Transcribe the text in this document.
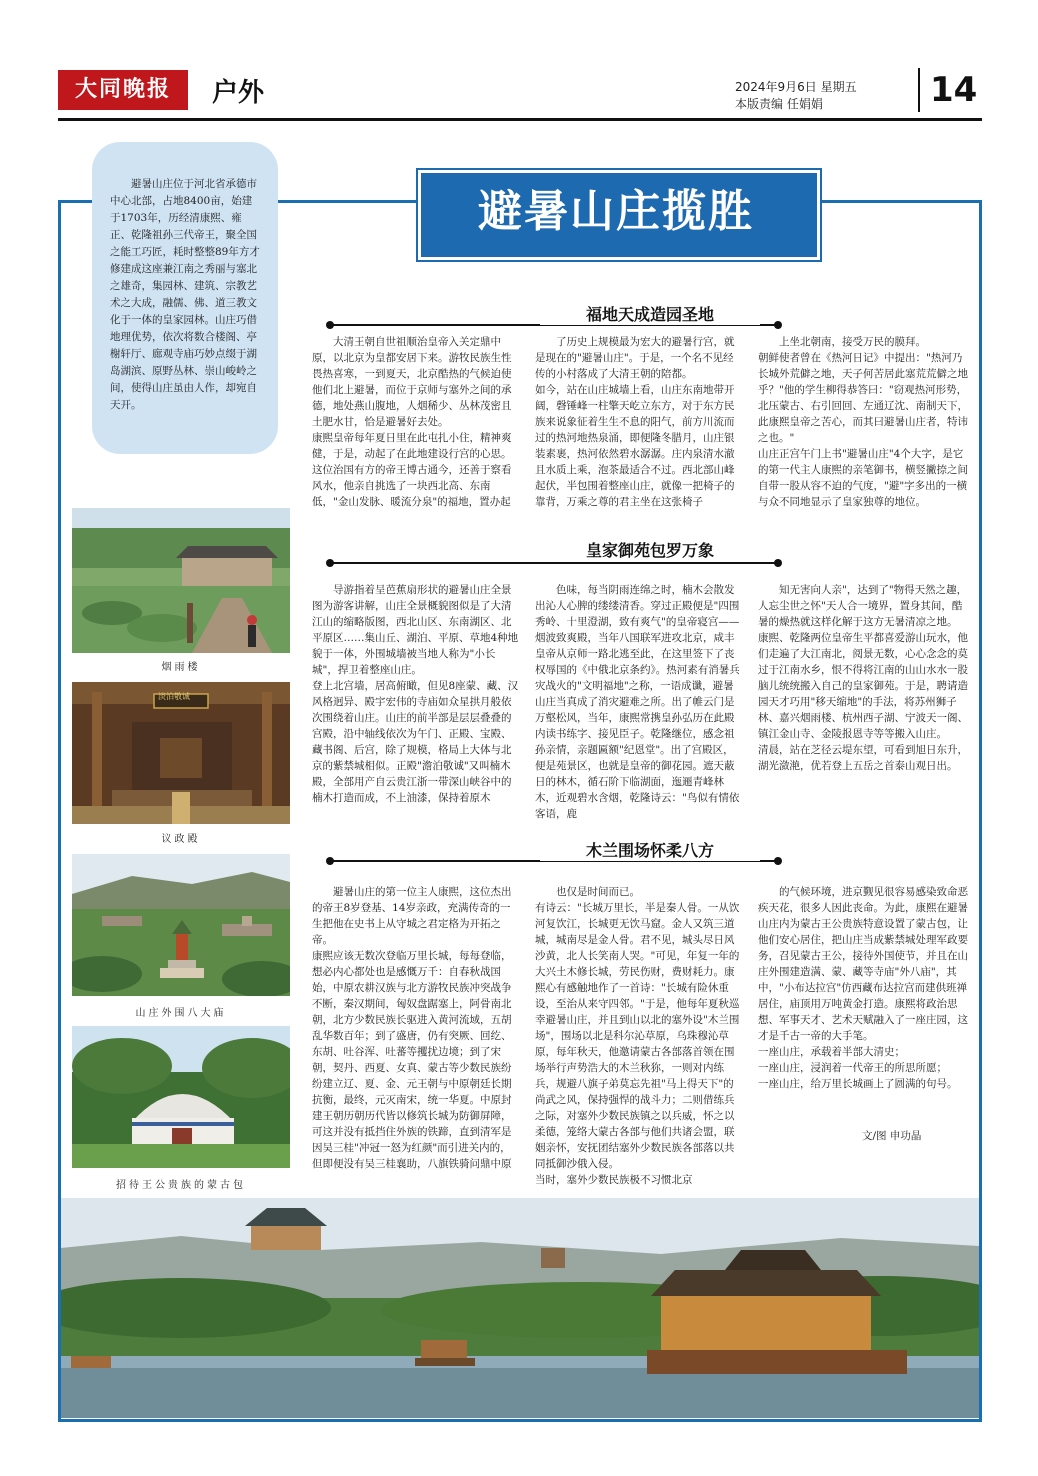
大同晚报	户外	2024年9月6日 星期五
本版责编 任娟娟	14
避暑山庄位于河北省承德市中心北部，占地8400亩，始建于1703年，历经清康熙、雍正、乾隆祖孙三代帝王，聚全国之能工巧匠，耗时整整89年方才修建成这座兼江南之秀丽与塞北之雄奇，集园林、建筑、宗教艺术之大成，融儒、佛、道三教文化于一体的皇家园林。山庄巧借地理优势，依次将数合楼阁、亭榭轩厅、廊观寺庙巧妙点缀于湖岛湖滨、原野丛林、崇山峻岭之间，使得山庄虽由人作，却宛自天开。
避暑山庄揽胜
福地天成造园圣地

大清王朝自世祖顺治皇帝入关定鼎中原，以北京为皇都安居下来。游牧民族生性畏热喜寒，一到夏天，北京酷热的气候迫使他们北上避暑，而位于京师与塞外之间的承德，地处燕山腹地，人烟稀少、丛林茂密且土肥水甘，恰是避暑好去处。
康熙皇帝每年夏日里在此屯扎小住，精神爽健，于是，动起了在此地建设行宫的心思。这位治国有方的帝王博古通今，还善于察看风水，他亲自挑选了一块西北高、东南低，"金山发脉、暖流分泉"的福地，置办起

了历史上规模最为宏大的避暑行宫，就是现在的"避暑山庄"。于是，一个名不见经传的小村落成了大清王朝的陪都。
如今，站在山庄城墙上看，山庄东南地带开阔，磬锤峰一柱擎天屹立东方，对于东方民族来说象征着生生不息的阳气，前方川流而过的热河地热泉涌，即便隆冬腊月，山庄银装素裹，热河依然碧水潺潺。庄内泉清水澈且水质上乘，泡茶最适合不过。西北部山峰起伏，半包围着整座山庄，就像一把椅子的靠背，万乘之尊的君主坐在这张椅子

上坐北朝南，接受万民的膜拜。
朝鲜使者曾在《热河日记》中提出："热河乃长城外荒僻之地，天子何苦居此塞荒荒僻之地乎？"他的学生柳得恭答曰："窃观热河形势，北压蒙古、右引回回、左通辽沈、南制天下，此康熙皇帝之苦心，而其曰避暑山庄者，特讳之也。"
山庄正宫午门上书"避暑山庄"4个大字，是它的第一代主人康熙的亲笔御书，横竖撇捺之间自带一股从容不迫的气度，"避"字多出的一横与众不同地显示了皇家独尊的地位。

皇家御苑包罗万象

导游指着呈芭蕉扇形状的避暑山庄全景图为游客讲解，山庄全景概貌图似是了大清江山的缩略版图，西北山区、东南湖区、北平原区……集山丘、湖泊、平原、草地4种地貌于一体，外围城墙被当地人称为"小长城"，捍卫着整座山庄。
登上北宫墙，居高俯瞰，但见8座蒙、藏、汉风格迥异、殿宇宏伟的寺庙如众星拱月般依次围绕着山庄。山庄的前半部是层层叠叠的宫殿，沿中轴线依次为午门、正殿、宝殿、藏书阁、后宫，除了规模，格局上大体与北京的紫禁城相似。正殿"澹泊敬诚"又叫楠木殿，全部用产自云贵江浙一带深山峡谷中的楠木打造而成，不上油漆，保持着原木

色味，每当阴雨连绵之时，楠木会散发出沁人心脾的缕缕清香。穿过正殿便是"四围秀岭、十里澄湖，致有爽气"的皇帝寝宫——烟波致爽殿，当年八国联军进攻北京，咸丰皇帝从京师一路北逃至此，在这里签下了丧权辱国的《中俄北京条约》。热河素有消暑兵灾战火的"文明福地"之称，一语成谶，避暑山庄当真成了消灾避难之所。出了帷云门是万壑松风，当年，康熙常携皇孙弘历在此殿内读书练字、接见臣子。乾隆继位，感念祖孙亲情，亲题匾额"纪恩堂"。出了宫殿区，便是苑景区，也就是皇帝的御花园。遮天蔽日的林木，循石阶下临湖面，迤逦青峰林木，近观碧水含烟，乾隆诗云："鸟似有情依客语，鹿

知无害向人亲"，达到了"物得天然之趣，人忘尘世之怀"天人合一境界，置身其间，酷暑的燥热就这样化解于这方无暑清凉之地。
康熙、乾隆两位皇帝生平都喜爱游山玩水，他们走遍了大江南北，阅景无数，心心念念的莫过于江南水乡，恨不得将江南的山山水水一股脑儿统统搬入自己的皇家御苑。于是，聘请造园天才巧用"移天缩地"的手法，将苏州狮子林、嘉兴烟雨楼、杭州西子湖、宁波天一阁、镇江金山寺、金陵报恩寺等等搬入山庄。
清晨，站在芝径云堤东望，可看到旭日东升，湖光潋滟，优若登上五岳之首泰山观日出。

木兰围场怀柔八方

避暑山庄的第一位主人康熙，这位杰出的帝王8岁登基、14岁亲政，充满传奇的一生把他在史书上从守城之君定格为开拓之帝。
康熙应该无数次登临万里长城，每每登临，想必内心都处也是感慨万千：自春秋战国始，中原农耕汉族与北方游牧民族冲突战争不断，秦汉期间，匈奴盘踞塞上，阿骨南北朝，北方少数民族长驱进入黄河流域，五胡乱华数百年；到了盛唐，仍有突厥、回纥、东胡、吐谷浑、吐蕃等攫扰边境；到了宋朝，契丹、西夏、女真、蒙古等少数民族纷纷建立辽、夏、金、元王朝与中原朝廷长期抗衡，最终，元灭南宋，统一华夏。中原封建王朝历朝历代皆以修筑长城为防御屏障，可这并没有抵挡住外族的铁蹄，直到清军是因吴三桂"冲冠一怒为红颜"而引进关内的，但即便没有吴三桂襄助，八旗铁骑问鼎中原

也仅是时间而已。
有诗云："长城万里长，半是秦人骨。一从饮河复饮江，长城更无饮马窟。金人又筑三道城，城南尽是金人骨。君不见，城头尽日风沙黄，北人长笑南人哭。"可见，年复一年的大兴土木修长城，劳民伤财，费财耗力。康熙心有感触地作了一首诗："长城有险休重设，至治从来守四邻。"于是，他每年夏秋巡幸避暑山庄，并且到山以北的塞外设"木兰围场"，围场以北是科尔沁草原，乌珠穆沁草原，每年秋天，他邀请蒙古各部落首领在围场举行声势浩大的木兰秋狝，一则对内练兵，规避八旗子弟莫忘先祖"马上得天下"的尚武之风，保持强悍的战斗力；二则借练兵之际，对塞外少数民族镇之以兵威，怀之以柔德，笼络大蒙古各部与他们共诸会盟，联姻亲怀，安抚团结塞外少数民族各部落以共同抵御沙俄入侵。
当时，塞外少数民族极不习惯北京

的气候环境，进京觐见很容易感染致命恶疾天花，很多人因此丧命。为此，康熙在避暑山庄内为蒙古王公贵族特意设置了蒙古包，让他们安心居住，把山庄当成紫禁城处理军政要务，召见蒙古王公，接待外国使节，并且在山庄外围建造满、蒙、藏等寺庙"外八庙"，其中，"小布达拉宫"仿西藏布达拉宫而建供班禅居住，庙顶用万吨黄金打造。康熙将政治思想、军事天才、艺术天赋融入了一座庄园，这才是千古一帝的大手笔。
一座山庄，承载着半部大清史；
一座山庄，浸润着一代帝王的所思所愿；
一座山庄，给万里长城画上了圆满的句号。

文/图 申功晶
烟雨楼
淡泊敬诚
议政殿
山庄外围八大庙
招待王公贵族的蒙古包
